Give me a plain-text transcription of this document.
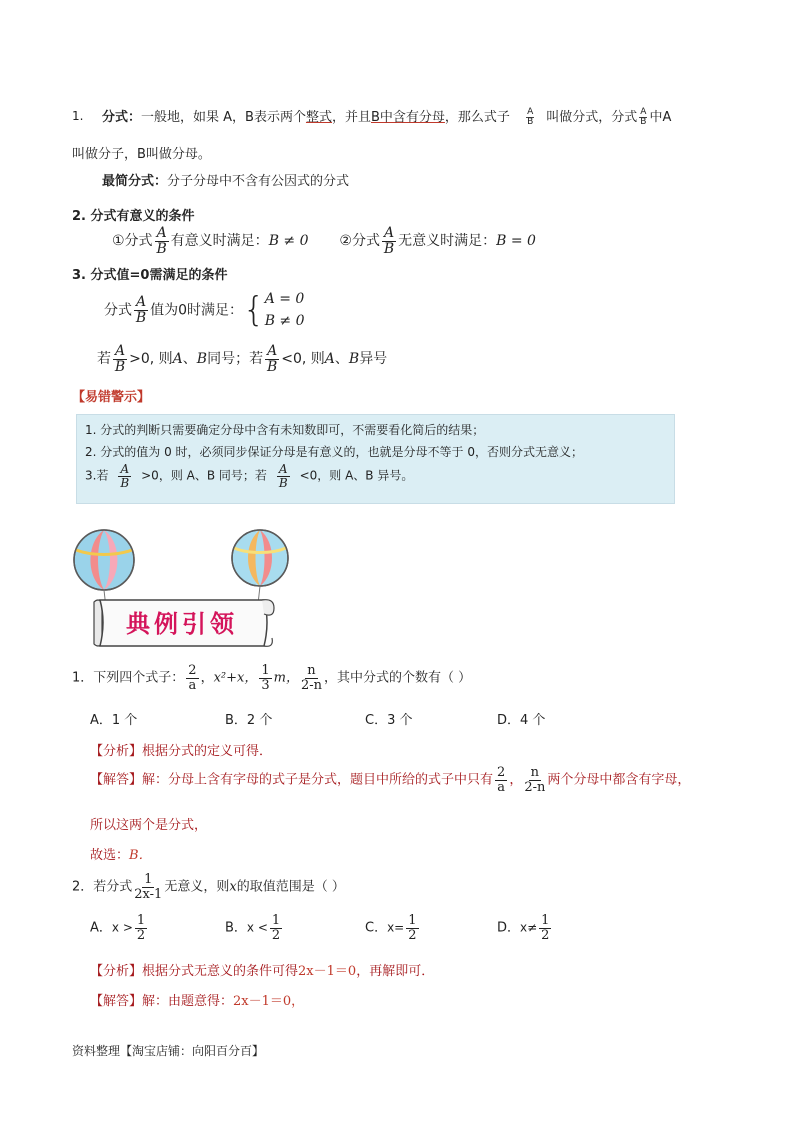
1. 分式：一般地，如果 A，B表示两个整式，并且B中含有分母，那么式子 $\frac{A}{B}$ 叫做分式，分式 $\frac{A}{B}$ 中A
叫做分子，B叫做分母。
最简分式：分子分母中不含有公因式的分式
2. 分式有意义的条件
①分式 $\frac{A}{B}$ 有意义时满足：B ≠ 0 ②分式 $\frac{A}{B}$ 无意义时满足：B = 0
3. 分式值=0需满足的条件
分式 $\frac{A}{B}$ 值为0时满足：{ A = 0
B ≠ 0
若 $\frac{A}{B} >0$, 则A、B同号；若 $\frac{A}{B} <0$, 则A、B异号
【易错警示】
1. 分式的判断只需要确定分母中含有未知数即可，不需要看化简后的结果；
2. 分式的值为 0 时，必须同步保证分母是有意义的，也就是分母不等于 0，否则分式无意义；
3.若 $\frac{A}{B} >0$，则 A、B 同号；若 $\frac{A}{B} <0$，则 A、B 异号。
典例引领
1．下列四个式子： $\frac{2}{a}$ ，x²+x， $\frac{1}{3}$ m， $\frac{n}{2-n}$ ，其中分式的个数有（ ）
A．1 个	B．2 个	C．3 个	D．4 个
【分析】根据分式的定义可得．
【解答】解：分母上含有字母的式子是分式，题目中所给的式子中只有 $\frac{2}{a}$ ， $\frac{n}{2-n}$ 两个分母中都含有字母，
所以这两个是分式，
故选：B．
2．若分式 $\frac{1}{2x-1}$ 无意义，则x的取值范围是（ ）
A．$x > \frac{1}{2}$	B．$x < \frac{1}{2}$	C．$x= \frac{1}{2}$	D．$x\ne \frac{1}{2}$
【分析】根据分式无意义的条件可得2x－1＝0，再解即可．
【解答】解：由题意得：2x－1＝0，
资料整理【淘宝店铺：向阳百分百】
